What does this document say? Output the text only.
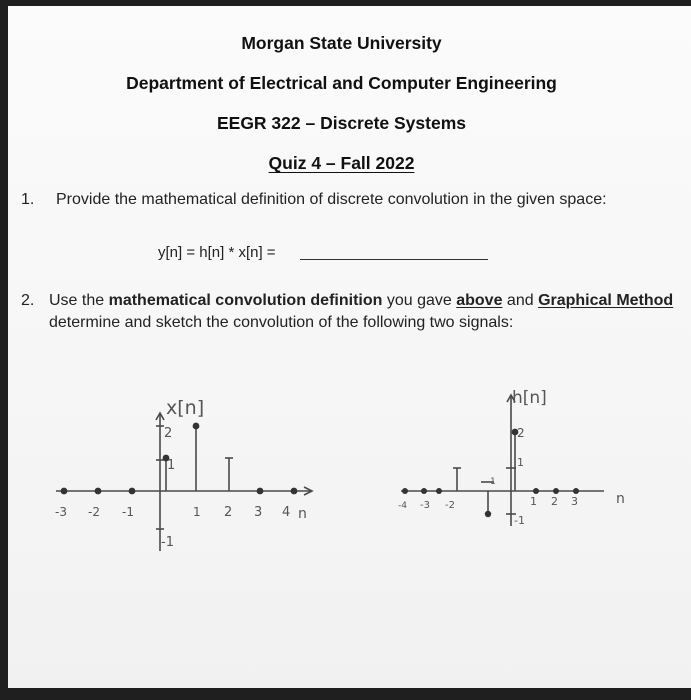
Morgan State University
Department of Electrical and Computer Engineering
EEGR 322 – Discrete Systems
Quiz 4 – Fall 2022
1. Provide the mathematical definition of discrete convolution in the given space:
y[n] = h[n] * x[n] =
2. Use the mathematical convolution definition you gave above and Graphical Method
determine and sketch the convolution of the following two signals:
x[n]
2
1
-1
-3 -2 -1	1 2 3 4 n
h[n]
2
1
1
-1
-4 -3 -2	1 2 3	n
